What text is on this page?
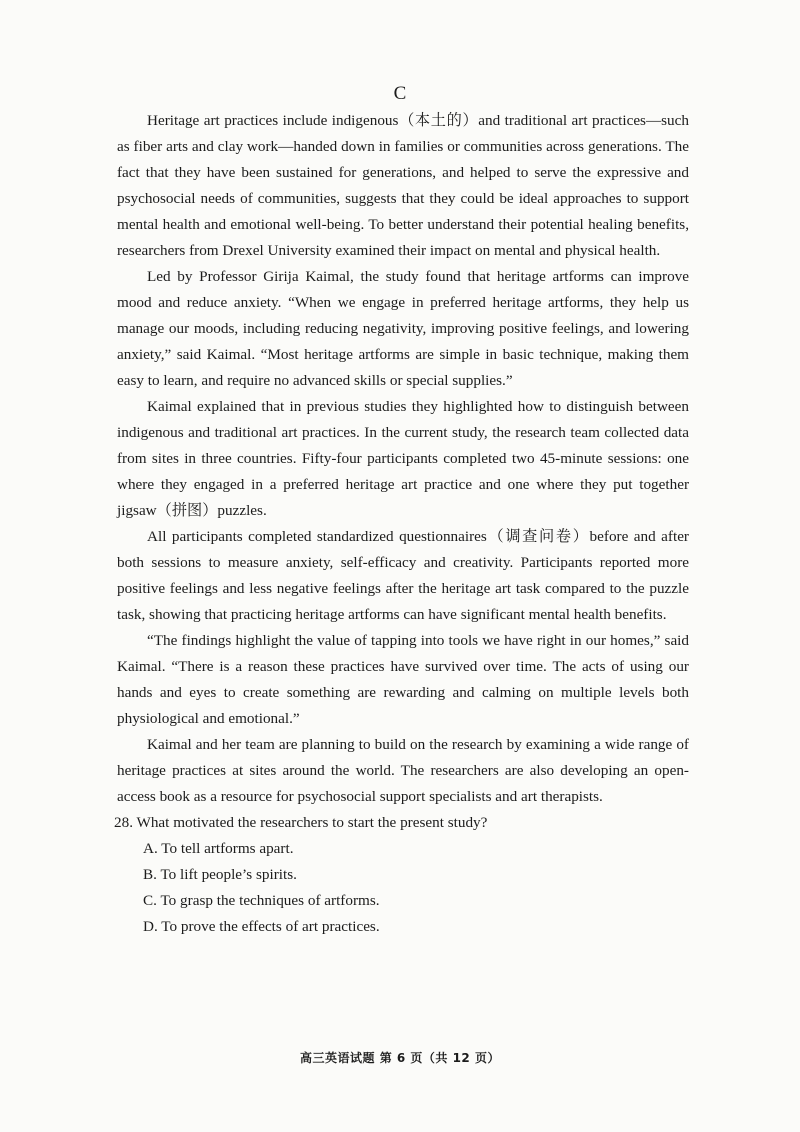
C

Heritage art practices include indigenous（本土的）and traditional art practices—such as fiber arts and clay work—handed down in families or communities across generations. The fact that they have been sustained for generations, and helped to serve the expressive and psychosocial needs of communities, suggests that they could be ideal approaches to support mental health and emotional well-being. To better understand their potential healing benefits, researchers from Drexel University examined their impact on mental and physical health.

Led by Professor Girija Kaimal, the study found that heritage artforms can improve mood and reduce anxiety. “When we engage in preferred heritage artforms, they help us manage our moods, including reducing negativity, improving positive feelings, and lowering anxiety,” said Kaimal. “Most heritage artforms are simple in basic technique, making them easy to learn, and require no advanced skills or special supplies.”

Kaimal explained that in previous studies they highlighted how to distinguish between indigenous and traditional art practices. In the current study, the research team collected data from sites in three countries. Fifty-four participants completed two 45-minute sessions: one where they engaged in a preferred heritage art practice and one where they put together jigsaw（拼图）puzzles.

All participants completed standardized questionnaires（调查问卷）before and after both sessions to measure anxiety, self-efficacy and creativity. Participants reported more positive feelings and less negative feelings after the heritage art task compared to the puzzle task, showing that practicing heritage artforms can have significant mental health benefits.

“The findings highlight the value of tapping into tools we have right in our homes,” said Kaimal. “There is a reason these practices have survived over time. The acts of using our hands and eyes to create something are rewarding and calming on multiple levels both physiological and emotional.”

Kaimal and her team are planning to build on the research by examining a wide range of heritage practices at sites around the world. The researchers are also developing an open-access book as a resource for psychosocial support specialists and art therapists.

28. What motivated the researchers to start the present study?

A. To tell artforms apart.
B. To lift people’s spirits.
C. To grasp the techniques of artforms.
D. To prove the effects of art practices.
高三英语试题 第 6 页（共 12 页）
